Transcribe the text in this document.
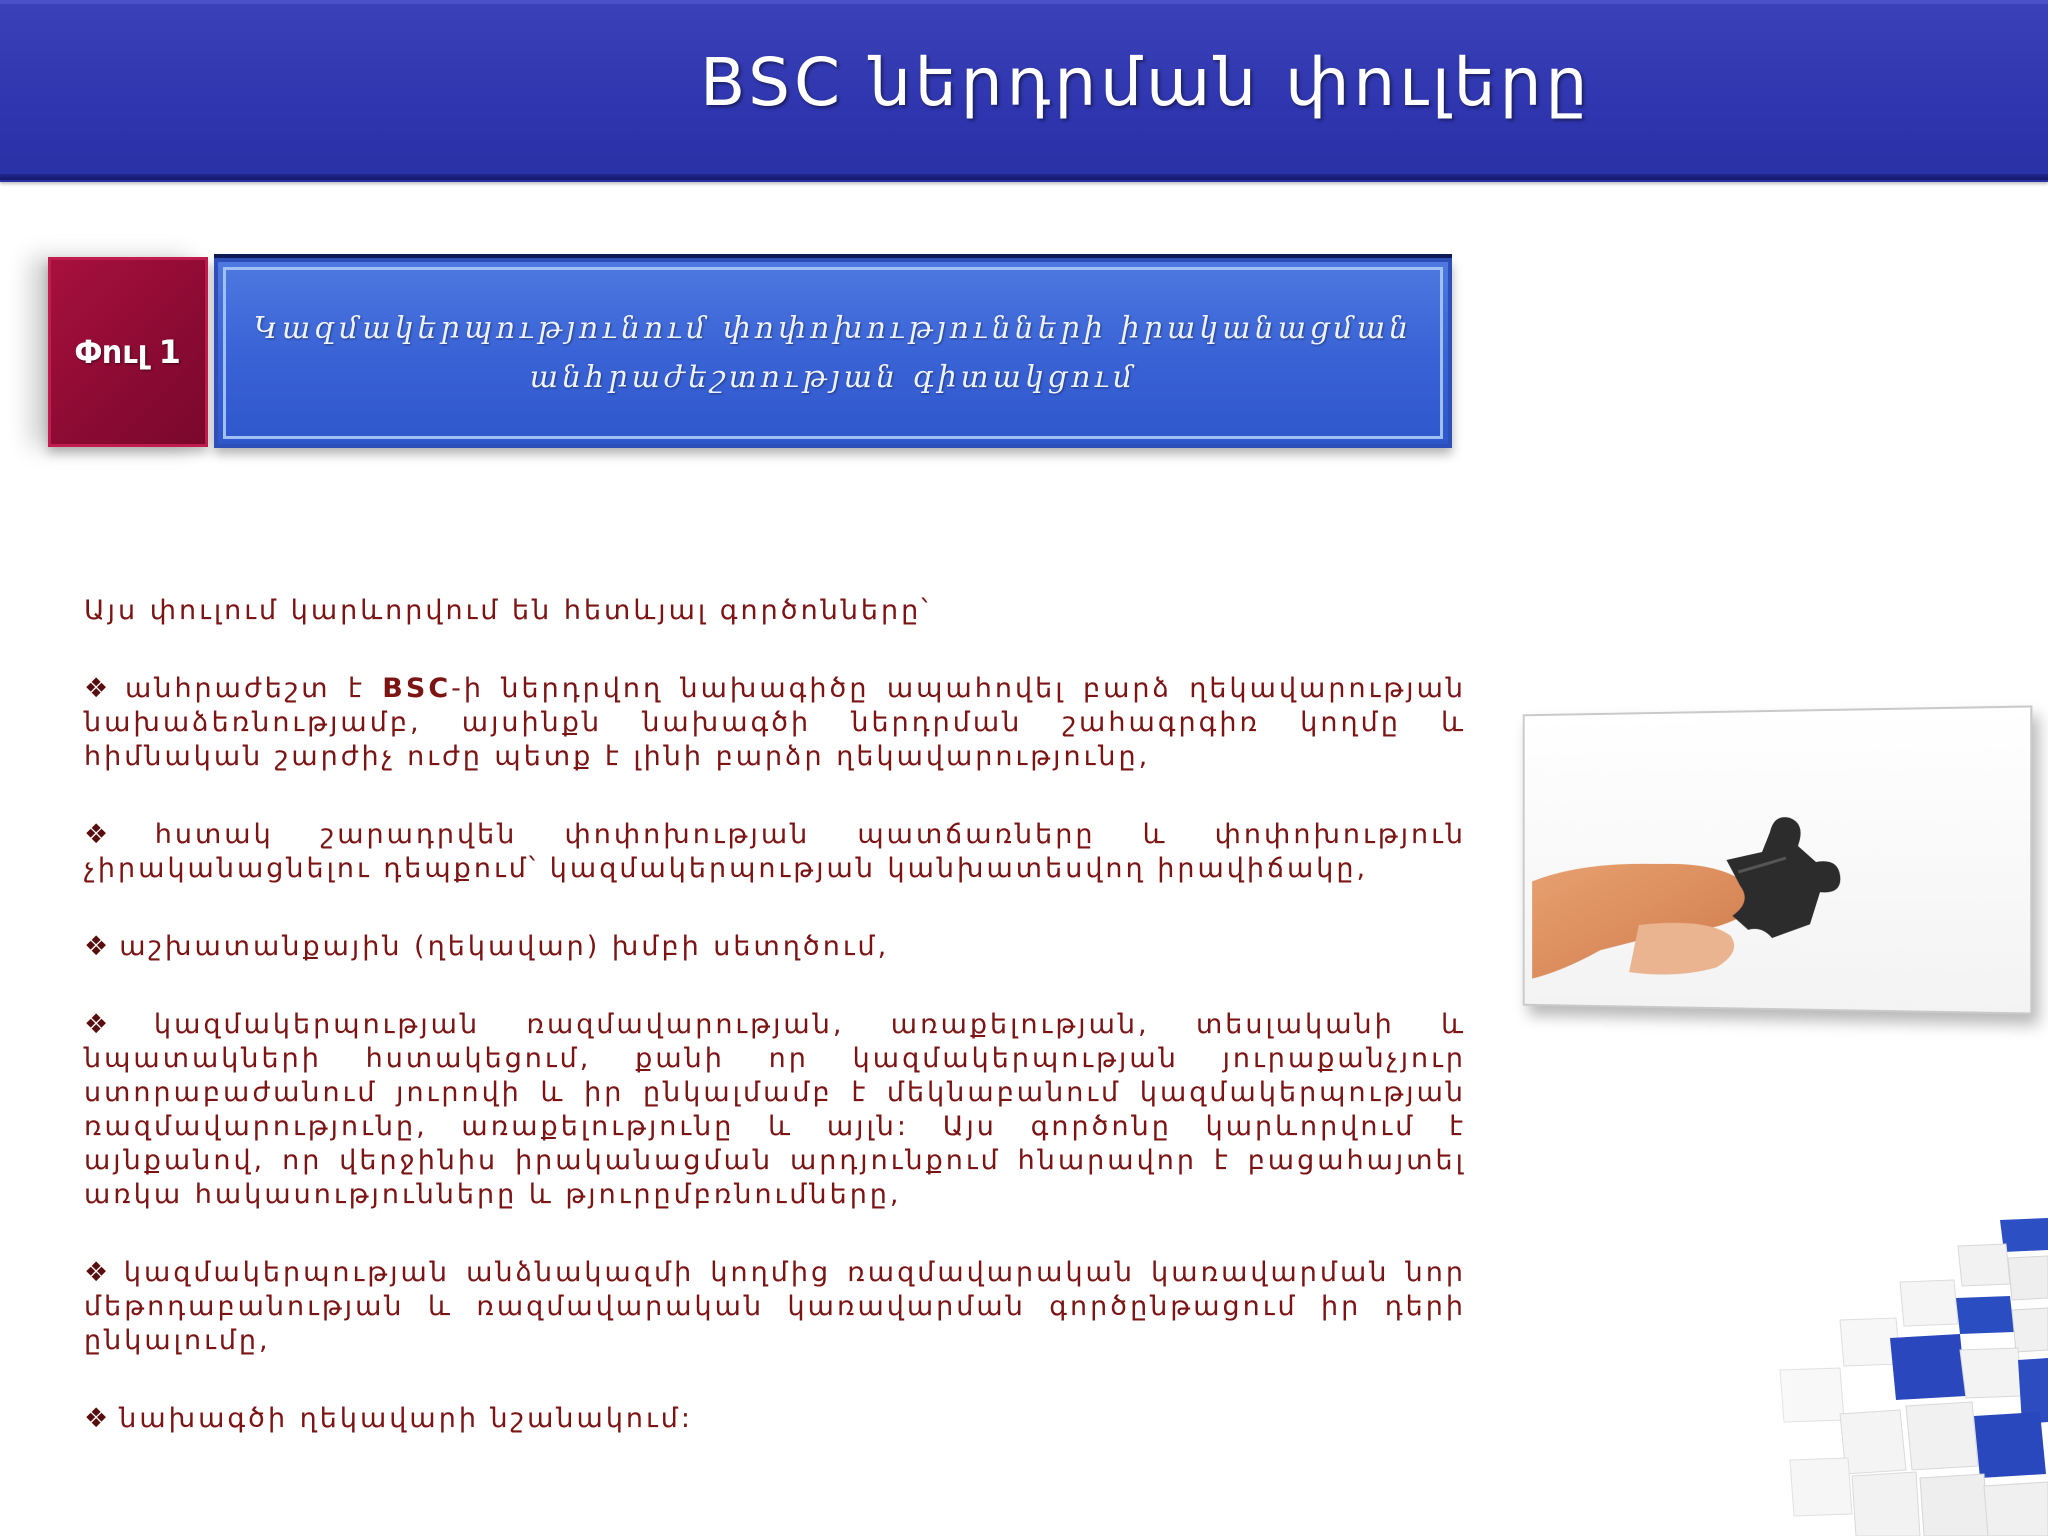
BSC ներդրման փուլերը
Փուլ 1
Կազմակերպությունում փոփոխությունների իրականացման
անհրաժեշտության գիտակցում

Այս փուլում կարևորվում են հետևյալ գործոնները՝

❖ անհրաժեշտ է BSC-ի ներդրվող նախագիծը ապահովել բարձ ղեկավարության նախաձեռնությամբ, այսինքն նախագծի ներդրման շահագրգիռ կողմը և հիմնական շարժիչ ուժը պետք է լինի բարձր ղեկավարությունը,

❖ հստակ շարադրվեն փոփոխության պատճառները և փոփոխություն չիրականացնելու դեպքում՝ կազմակերպության կանխատեսվող իրավիճակը,

❖ աշխատանքային (ղեկավար) խմբի սետղծում,

❖ կազմակերպության ռազմավարության, առաքելության, տեսլականի և նպատակների հստակեցում, քանի որ կազմակերպության յուրաքանչյուր ստորաբաժանում յուրովի և իր ընկալմամբ է մեկնաբանում կազմակերպության ռազմավարությունը, առաքելությունը և այլն: Այս գործոնը կարևորվում է այնքանով, որ վերջինիս իրականացման արդյունքում հնարավոր է բացահայտել առկա հակասությունները և թյուրըմբռնումները,

❖ կազմակերպության անձնակազմի կողմից ռազմավարական կառավարման նոր մեթոդաբանության և ռազմավարական կառավարման գործընթացում իր դերի ընկալումը,

❖ նախագծի ղեկավարի նշանակում:
